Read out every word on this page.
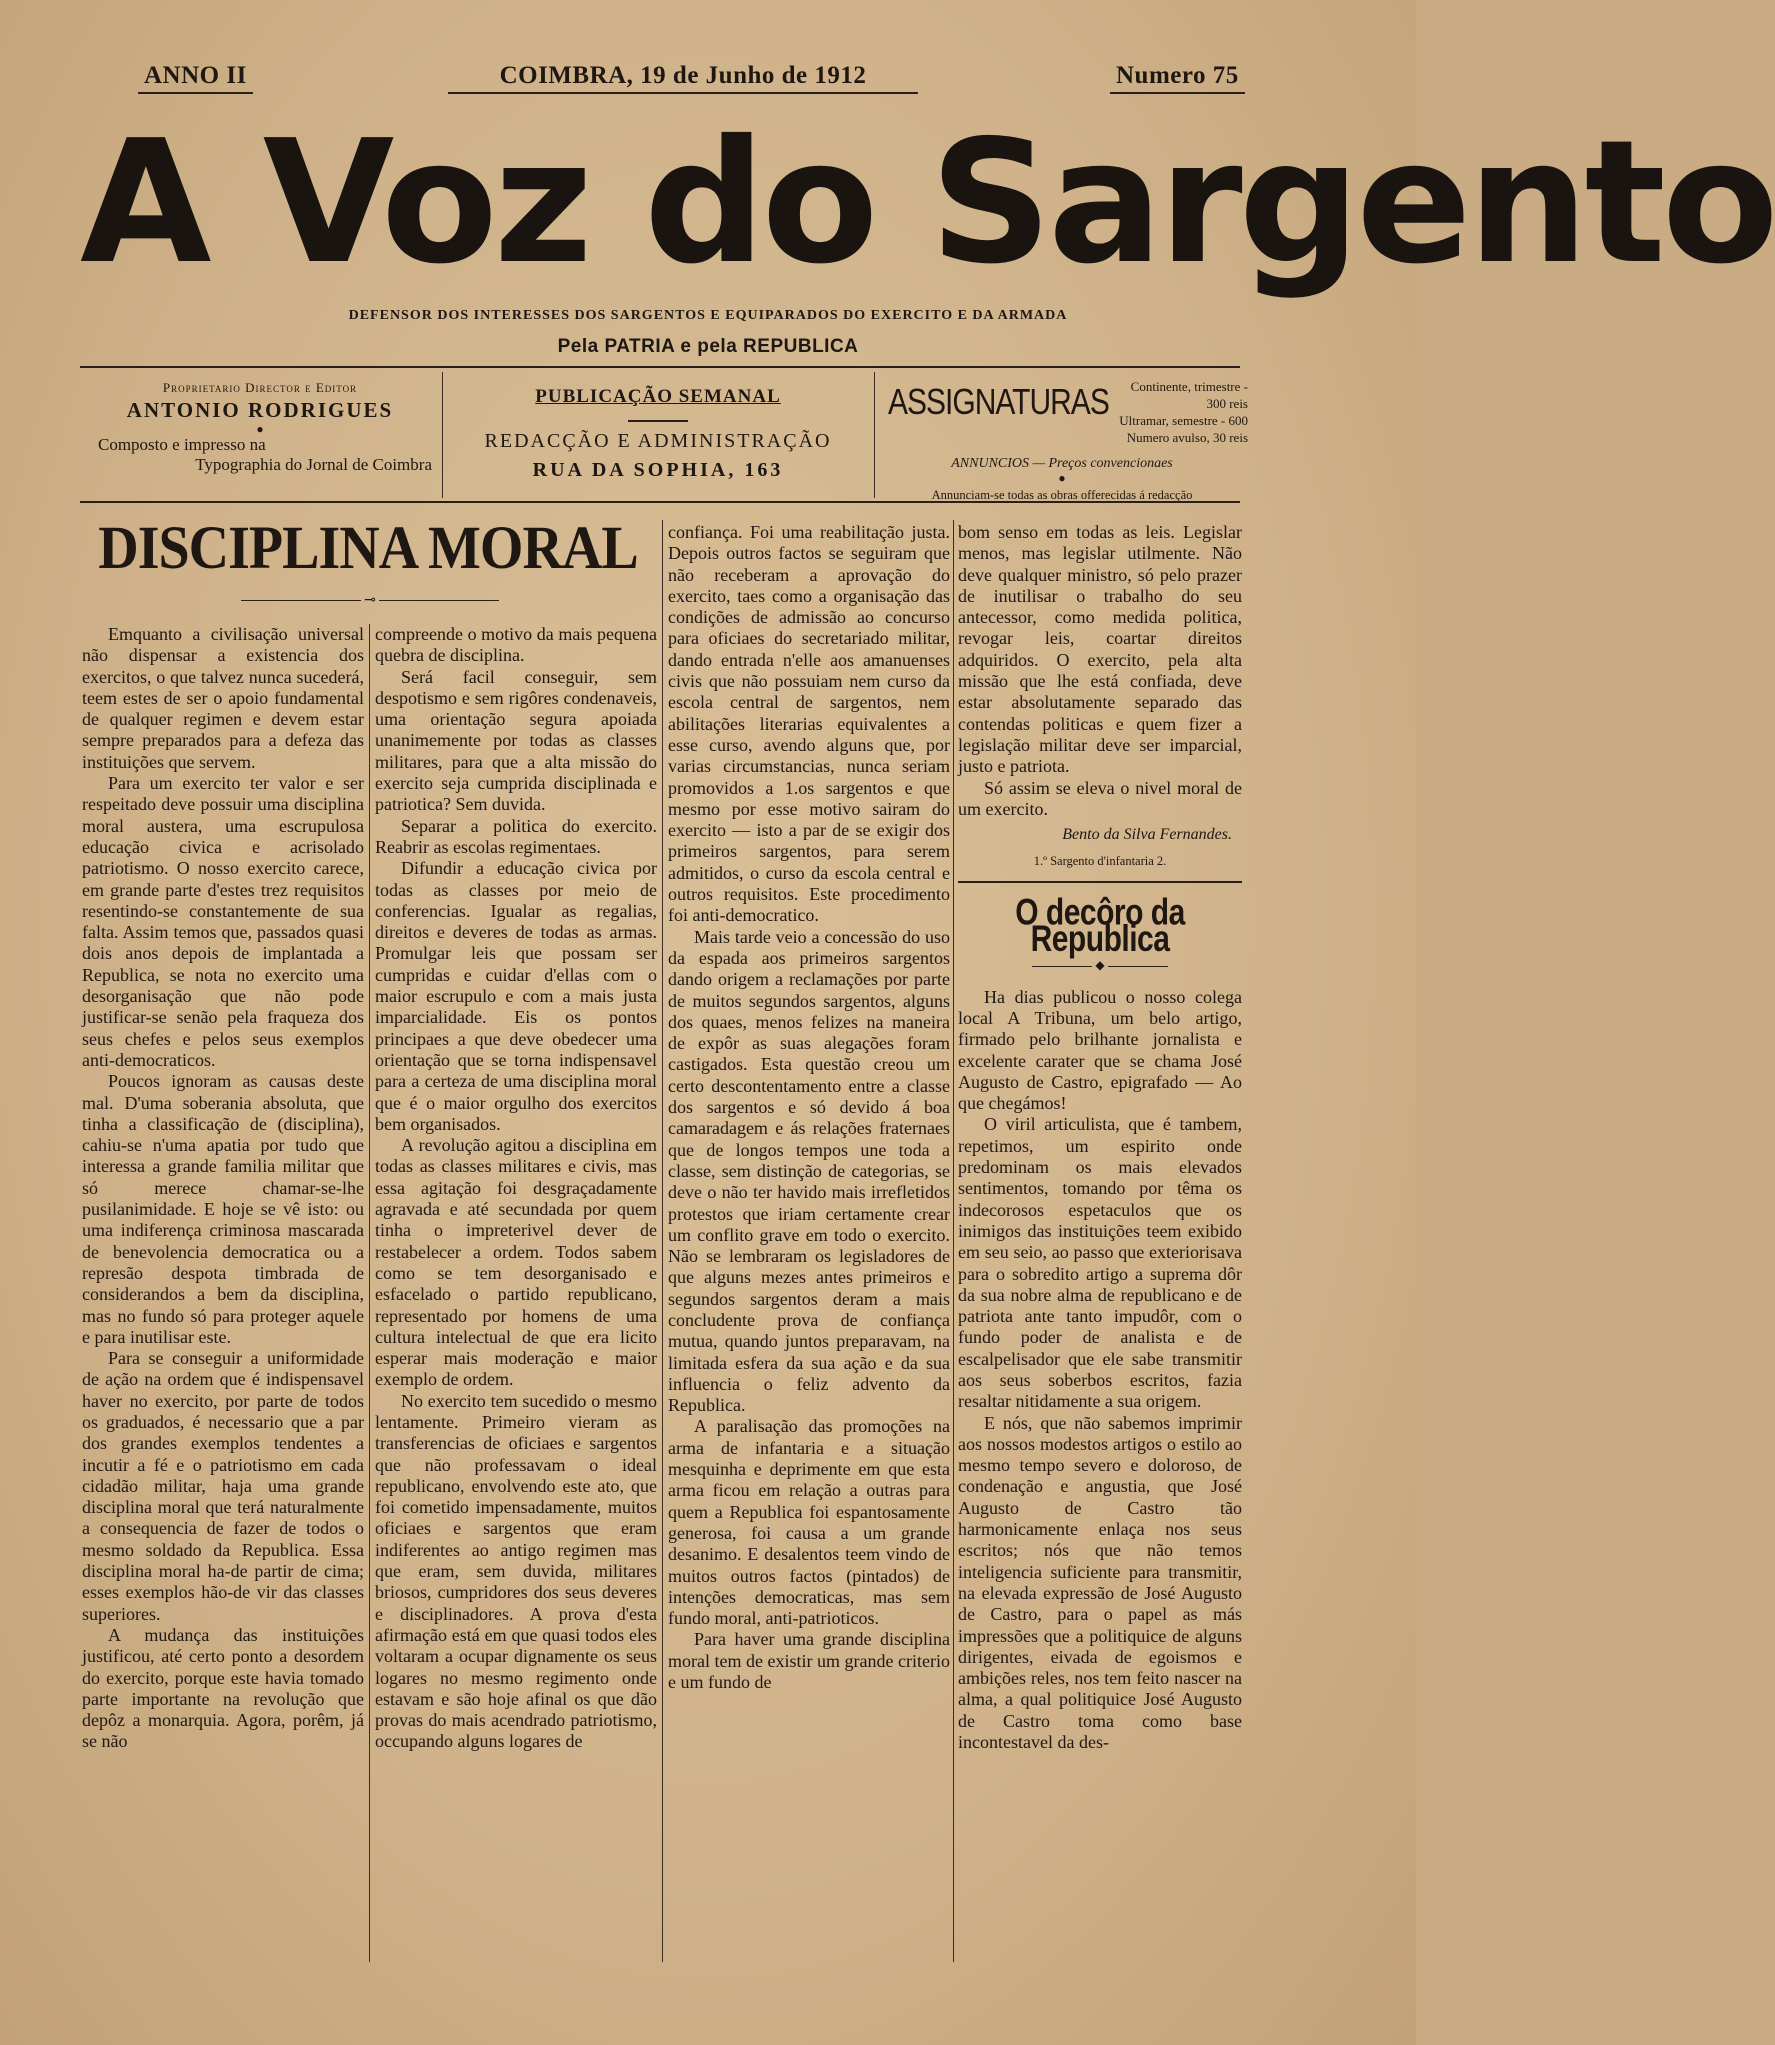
ANNO II	COIMBRA, 19 de Junho de 1912	Numero 75
A Voz do Sargento
DEFENSOR DOS INTERESSES DOS SARGENTOS E EQUIPARADOS DO EXERCITO E DA ARMADA
Pela PATRIA e pela REPUBLICA
Proprietario Director e Editor
ANTONIO RODRIGUES
●
Composto e impresso na
Typographia do Jornal de Coimbra
PUBLICAÇÃO SEMANAL
REDACÇÃO E ADMINISTRAÇÃO
RUA DA SOPHIA, 163
ASSIGNATURAS	Continente, trimestre - 300 reis
Ultramar, semestre - 600
Numero avulso, 30 reis
ANNUNCIOS — Preços convencionaes
●
Annunciam-se todas as obras offerecidas á redacção
DISCIPLINA MORAL
⊸

Emquanto a civilisação universal não dispensar a existencia dos exercitos, o que talvez nunca sucederá, teem estes de ser o apoio fundamental de qualquer regimen e devem estar sempre preparados para a defeza das instituições que servem.

Para um exercito ter valor e ser respeitado deve possuir uma disciplina moral austera, uma escrupulosa educação civica e acrisolado patriotismo. O nosso exercito carece, em grande parte d'estes trez requisitos resentindo-se constantemente de sua falta. Assim temos que, passados quasi dois anos depois de implantada a Republica, se nota no exercito uma desorganisação que não pode justificar-se senão pela fraqueza dos seus chefes e pelos seus exemplos anti-democraticos.

Poucos ignoram as causas deste mal. D'uma soberania absoluta, que tinha a classificação de (disciplina), cahiu-se n'uma apatia por tudo que interessa a grande familia militar que só merece chamar-se-lhe pusilanimidade. E hoje se vê isto: ou uma indiferença criminosa mascarada de benevolencia democratica ou a represão despota timbrada de considerandos a bem da disciplina, mas no fundo só para proteger aquele e para inutilisar este.

Para se conseguir a uniformidade de ação na ordem que é indispensavel haver no exercito, por parte de todos os graduados, é necessario que a par dos grandes exemplos tendentes a incutir a fé e o patriotismo em cada cidadão militar, haja uma grande disciplina moral que terá naturalmente a consequencia de fazer de todos o mesmo soldado da Republica. Essa disciplina moral ha-de partir de cima; esses exemplos hão-de vir das classes superiores.

A mudança das instituições justificou, até certo ponto a desordem do exercito, porque este havia tomado parte importante na revolução que depôz a monarquia. Agora, porêm, já se não

compreende o motivo da mais pequena quebra de disciplina.

Será facil conseguir, sem despotismo e sem rigôres condenaveis, uma orientação segura apoiada unanimemente por todas as classes militares, para que a alta missão do exercito seja cumprida disciplinada e patriotica? Sem duvida.

Separar a politica do exercito. Reabrir as escolas regimentaes.

Difundir a educação civica por todas as classes por meio de conferencias. Igualar as regalias, direitos e deveres de todas as armas. Promulgar leis que possam ser cumpridas e cuidar d'ellas com o maior escrupulo e com a mais justa imparcialidade. Eis os pontos principaes a que deve obedecer uma orientação que se torna indispensavel para a certeza de uma disciplina moral que é o maior orgulho dos exercitos bem organisados.

A revolução agitou a disciplina em todas as classes militares e civis, mas essa agitação foi desgraçadamente agravada e até secundada por quem tinha o impreterivel dever de restabelecer a ordem. Todos sabem como se tem desorganisado e esfacelado o partido republicano, representado por homens de uma cultura intelectual de que era licito esperar mais moderação e maior exemplo de ordem.

No exercito tem sucedido o mesmo lentamente. Primeiro vieram as transferencias de oficiaes e sargentos que não professavam o ideal republicano, envolvendo este ato, que foi cometido impensadamente, muitos oficiaes e sargentos que eram indiferentes ao antigo regimen mas que eram, sem duvida, militares briosos, cumpridores dos seus deveres e disciplinadores. A prova d'esta afirmação está em que quasi todos eles voltaram a ocupar dignamente os seus logares no mesmo regimento onde estavam e são hoje afinal os que dão provas do mais acendrado patriotismo, occupando alguns logares de

confiança. Foi uma reabilitação justa. Depois outros factos se seguiram que não receberam a aprovação do exercito, taes como a organisação das condições de admissão ao concurso para oficiaes do secretariado militar, dando entrada n'elle aos amanuenses civis que não possuiam nem curso da escola central de sargentos, nem abilitações literarias equivalentes a esse curso, avendo alguns que, por varias circumstancias, nunca seriam promovidos a 1.os sargentos e que mesmo por esse motivo sairam do exercito — isto a par de se exigir dos primeiros sargentos, para serem admitidos, o curso da escola central e outros requisitos. Este procedimento foi anti-democratico.

Mais tarde veio a concessão do uso da espada aos primeiros sargentos dando origem a reclamações por parte de muitos segundos sargentos, alguns dos quaes, menos felizes na maneira de expôr as suas alegações foram castigados. Esta questão creou um certo descontentamento entre a classe dos sargentos e só devido á boa camaradagem e ás relações fraternaes que de longos tempos une toda a classe, sem distinção de categorias, se deve o não ter havido mais irrefletidos protestos que iriam certamente crear um conflito grave em todo o exercito. Não se lembraram os legisladores de que alguns mezes antes primeiros e segundos sargentos deram a mais concludente prova de confiança mutua, quando juntos preparavam, na limitada esfera da sua ação e da sua influencia o feliz advento da Republica.

A paralisação das promoções na arma de infantaria e a situação mesquinha e deprimente em que esta arma ficou em relação a outras para quem a Republica foi espantosamente generosa, foi causa a um grande desanimo. E desalentos teem vindo de muitos outros factos (pintados) de intenções democraticas, mas sem fundo moral, anti-patrioticos.

Para haver uma grande disciplina moral tem de existir um grande criterio e um fundo de

bom senso em todas as leis. Legislar menos, mas legislar utilmente. Não deve qualquer ministro, só pelo prazer de inutilisar o trabalho do seu antecessor, como medida politica, revogar leis, coartar direitos adquiridos. O exercito, pela alta missão que lhe está confiada, deve estar absolutamente separado das contendas politicas e quem fizer a legislação militar deve ser imparcial, justo e patriota.

Só assim se eleva o nivel moral de um exercito.

Bento da Silva Fernandes.
1.º Sargento d'infantaria 2.
O decôro da Republica
◆

Ha dias publicou o nosso colega local A Tribuna, um belo artigo, firmado pelo brilhante jornalista e excelente carater que se chama José Augusto de Castro, epigrafado — Ao que chegámos!

O viril articulista, que é tambem, repetimos, um espirito onde predominam os mais elevados sentimentos, tomando por têma os indecorosos espetaculos que os inimigos das instituições teem exibido em seu seio, ao passo que exteriorisava para o sobredito artigo a suprema dôr da sua nobre alma de republicano e de patriota ante tanto impudôr, com o fundo poder de analista e de escalpelisador que ele sabe transmitir aos seus soberbos escritos, fazia resaltar nitidamente a sua origem.

E nós, que não sabemos imprimir aos nossos modestos artigos o estilo ao mesmo tempo severo e doloroso, de condenação e angustia, que José Augusto de Castro tão harmonicamente enlaça nos seus escritos; nós que não temos inteligencia suficiente para transmitir, na elevada expressão de José Augusto de Castro, para o papel as más impressões que a politiquice de alguns dirigentes, eivada de egoismos e ambições reles, nos tem feito nascer na alma, a qual politiquice José Augusto de Castro toma como base incontestavel da des-
